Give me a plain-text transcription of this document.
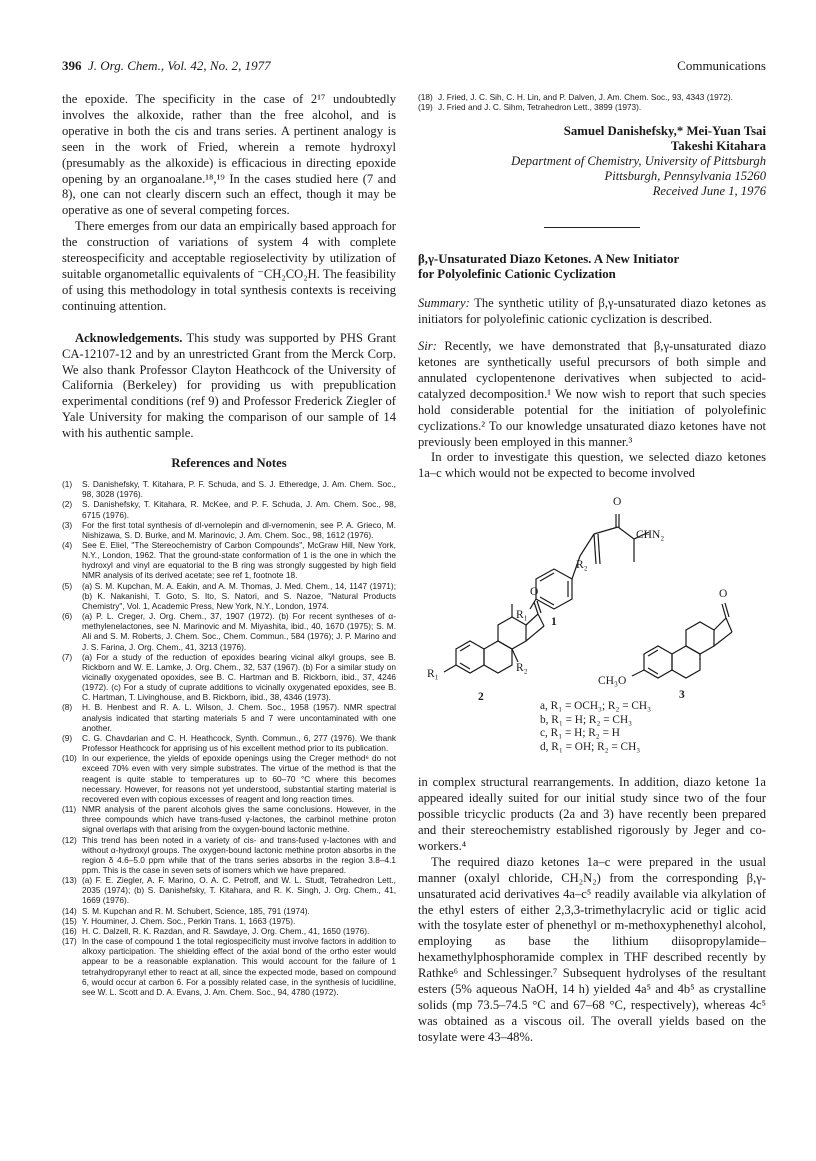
396 J. Org. Chem., Vol. 42, No. 2, 1977	Communications

the epoxide. The specificity in the case of 2¹⁷ undoubtedly involves the alkoxide, rather than the free alcohol, and is operative in both the cis and trans series. A pertinent analogy is seen in the work of Fried, wherein a remote hydroxyl (presumably as the alkoxide) is efficacious in directing epoxide opening by an organoalane.¹⁸,¹⁹ In the cases studied here (7 and 8), one can not clearly discern such an effect, though it may be operative as one of several competing forces.

There emerges from our data an empirically based approach for the construction of variations of system 4 with complete stereospecificity and acceptable regioselectivity by utilization of suitable organometallic equivalents of ⁻CH₂CO₂H. The feasibility of using this methodology in total synthesis contexts is receiving continuing attention.

Acknowledgements. This study was supported by PHS Grant CA-12107-12 and by an unrestricted Grant from the Merck Corp. We also thank Professor Clayton Heathcock of the University of California (Berkeley) for providing us with prepublication experimental conditions (ref 9) and Professor Frederick Ziegler of Yale University for making the comparison of our sample of 14 with his authentic sample.

References and Notes
(1) S. Danishefsky, T. Kitahara, P. F. Schuda, and S. J. Etheredge, J. Am. Chem. Soc., 98, 3028 (1976).
(2) S. Danishefsky, T. Kitahara, R. McKee, and P. F. Schuda, J. Am. Chem. Soc., 98, 6715 (1976).
(3) For the first total synthesis of dl-vernolepin and dl-vernomenin, see P. A. Grieco, M. Nishizawa, S. D. Burke, and M. Marinovic, J. Am. Chem. Soc., 98, 1612 (1976).
(4) See E. Eliel, "The Stereochemistry of Carbon Compounds", McGraw Hill, New York, N.Y., London, 1962. That the ground-state conformation of 1 is the one in which the hydroxyl and vinyl are equatorial to the B ring was strongly suggested by high field NMR analysis of its derived acetate; see ref 1, footnote 18.
(5) (a) S. M. Kupchan, M. A. Eakin, and A. M. Thomas, J. Med. Chem., 14, 1147 (1971); (b) K. Nakanishi, T. Goto, S. Ito, S. Natori, and S. Nazoe, "Natural Products Chemistry", Vol. 1, Academic Press, New York, N.Y., London, 1974.
(6) (a) P. L. Creger, J. Org. Chem., 37, 1907 (1972). (b) For recent syntheses of α-methylenelactones, see N. Marinovic and M. Miyashita, ibid., 40, 1670 (1975); S. M. Ali and S. M. Roberts, J. Chem. Soc., Chem. Commun., 584 (1976); J. P. Marino and J. S. Farina, J. Org. Chem., 41, 3213 (1976).
(7) (a) For a study of the reduction of epoxides bearing vicinal alkyl groups, see B. Rickborn and W. E. Lamke, J. Org. Chem., 32, 537 (1967). (b) For a similar study on vicinally oxygenated opoxides, see B. C. Hartman and B. Rickborn, ibid., 37, 4246 (1972). (c) For a study of cuprate additions to vicinally oxygenated epoxides, see B. C. Hartman, T. Livinghouse, and B. Rickborn, ibid., 38, 4346 (1973).
(8) H. B. Henbest and R. A. L. Wilson, J. Chem. Soc., 1958 (1957). NMR spectral analysis indicated that starting materials 5 and 7 were uncontaminated with one another.
(9) C. G. Chavdarian and C. H. Heathcock, Synth. Commun., 6, 277 (1976). We thank Professor Heathcock for apprising us of his excellent method prior to its publication.
(10) In our experience, the yields of epoxide openings using the Creger method⁶ do not exceed 70% even with very simple substrates. The virtue of the method is that the reagent is quite stable to temperatures up to 60–70 °C where this becomes necessary. However, for reasons not yet understood, substantial starting material is recovered even with copious excesses of reagent and long reaction times.
(11) NMR analysis of the parent alcohols gives the same conclusions. However, in the three compounds which have trans-fused γ-lactones, the carbinol methine proton signal overlaps with that arising from the oxygen-bound lactonic methine.
(12) This trend has been noted in a variety of cis- and trans-fused γ-lactones with and without α-hydroxyl groups. The oxygen-bound lactonic methine proton absorbs in the region δ 4.6–5.0 ppm while that of the trans series absorbs in the region 3.8–4.1 ppm. This is the case in seven sets of isomers which we have prepared.
(13) (a) F. E. Ziegler, A. F. Marino, O. A. C. Petroff, and W. L. Studt, Tetrahedron Lett., 2035 (1974); (b) S. Danishefsky, T. Kitahara, and R. K. Singh, J. Org. Chem., 41, 1669 (1976).
(14) S. M. Kupchan and R. M. Schubert, Science, 185, 791 (1974).
(15) Y. Houminer, J. Chem. Soc., Perkin Trans. 1, 1663 (1975).
(16) H. C. Dalzell, R. K. Razdan, and R. Sawdaye, J. Org. Chem., 41, 1650 (1976).
(17) In the case of compound 1 the total regiospecificity must involve factors in addition to alkoxy participation. The shielding effect of the axial bond of the ortho ester would appear to be a reasonable explanation. This would account for the failure of 1 tetrahydropyranyl ether to react at all, since the expected mode, based on compound 6, would occur at carbon 6. For a possibly related case, in the synthesis of lucidiline, see W. L. Scott and D. A. Evans, J. Am. Chem. Soc., 94, 4780 (1972).
(18) J. Fried, J. C. Sih, C. H. Lin, and P. Dalven, J. Am. Chem. Soc., 93, 4343 (1972).
(19) J. Fried and J. C. Sihm, Tetrahedron Lett., 3899 (1973).
Samuel Danishefsky,* Mei-Yuan Tsai
Takeshi Kitahara
Department of Chemistry, University of Pittsburgh
Pittsburgh, Pennsylvania 15260
Received June 1, 1976
β,γ-Unsaturated Diazo Ketones. A New Initiator
for Polyolefinic Cationic Cyclization

Summary: The synthetic utility of β,γ-unsaturated diazo ketones as initiators for polyolefinic cationic cyclization is described.

Sir: Recently, we have demonstrated that β,γ-unsaturated diazo ketones are synthetically useful precursors of both simple and annulated cyclopentenone derivatives when subjected to acid-catalyzed decomposition.¹ We now wish to report that such species hold considerable potential for the initiation of polyolefinic cyclizations.² To our knowledge unsaturated diazo ketones have not previously been employed in this manner.³

In order to investigate this question, we selected diazo ketones 1a–c which would not be expected to become involved

O
CHN₂
R₂
R₁
1
O
R₂
R₁
2
O
CH₃O
3
a, R₁ = OCH₃; R₂ = CH₃
b, R₁ = H; R₂ = CH₃
c, R₁ = H; R₂ = H
d, R₁ = OH; R₂ = CH₃

in complex structural rearrangements. In addition, diazo ketone 1a appeared ideally suited for our initial study since two of the four possible tricyclic products (2a and 3) have recently been prepared and their stereochemistry established rigorously by Jeger and co-workers.⁴

The required diazo ketones 1a–c were prepared in the usual manner (oxalyl chloride, CH₂N₂) from the corresponding β,γ-unsaturated acid derivatives 4a–c⁵ readily available via alkylation of the ethyl esters of either 2,3,3-trimethylacrylic acid or tiglic acid with the tosylate ester of phenethyl or m-methoxyphenethyl alcohol, employing as base the lithium diisopropylamide–hexamethylphosphoramide complex in THF described recently by Rathke⁶ and Schlessinger.⁷ Subsequent hydrolyses of the resultant esters (5% aqueous NaOH, 14 h) yielded 4a⁵ and 4b⁵ as crystalline solids (mp 73.5–74.5 °C and 67–68 °C, respectively), whereas 4c⁵ was obtained as a viscous oil. The overall yields based on the tosylate were 43–48%.
